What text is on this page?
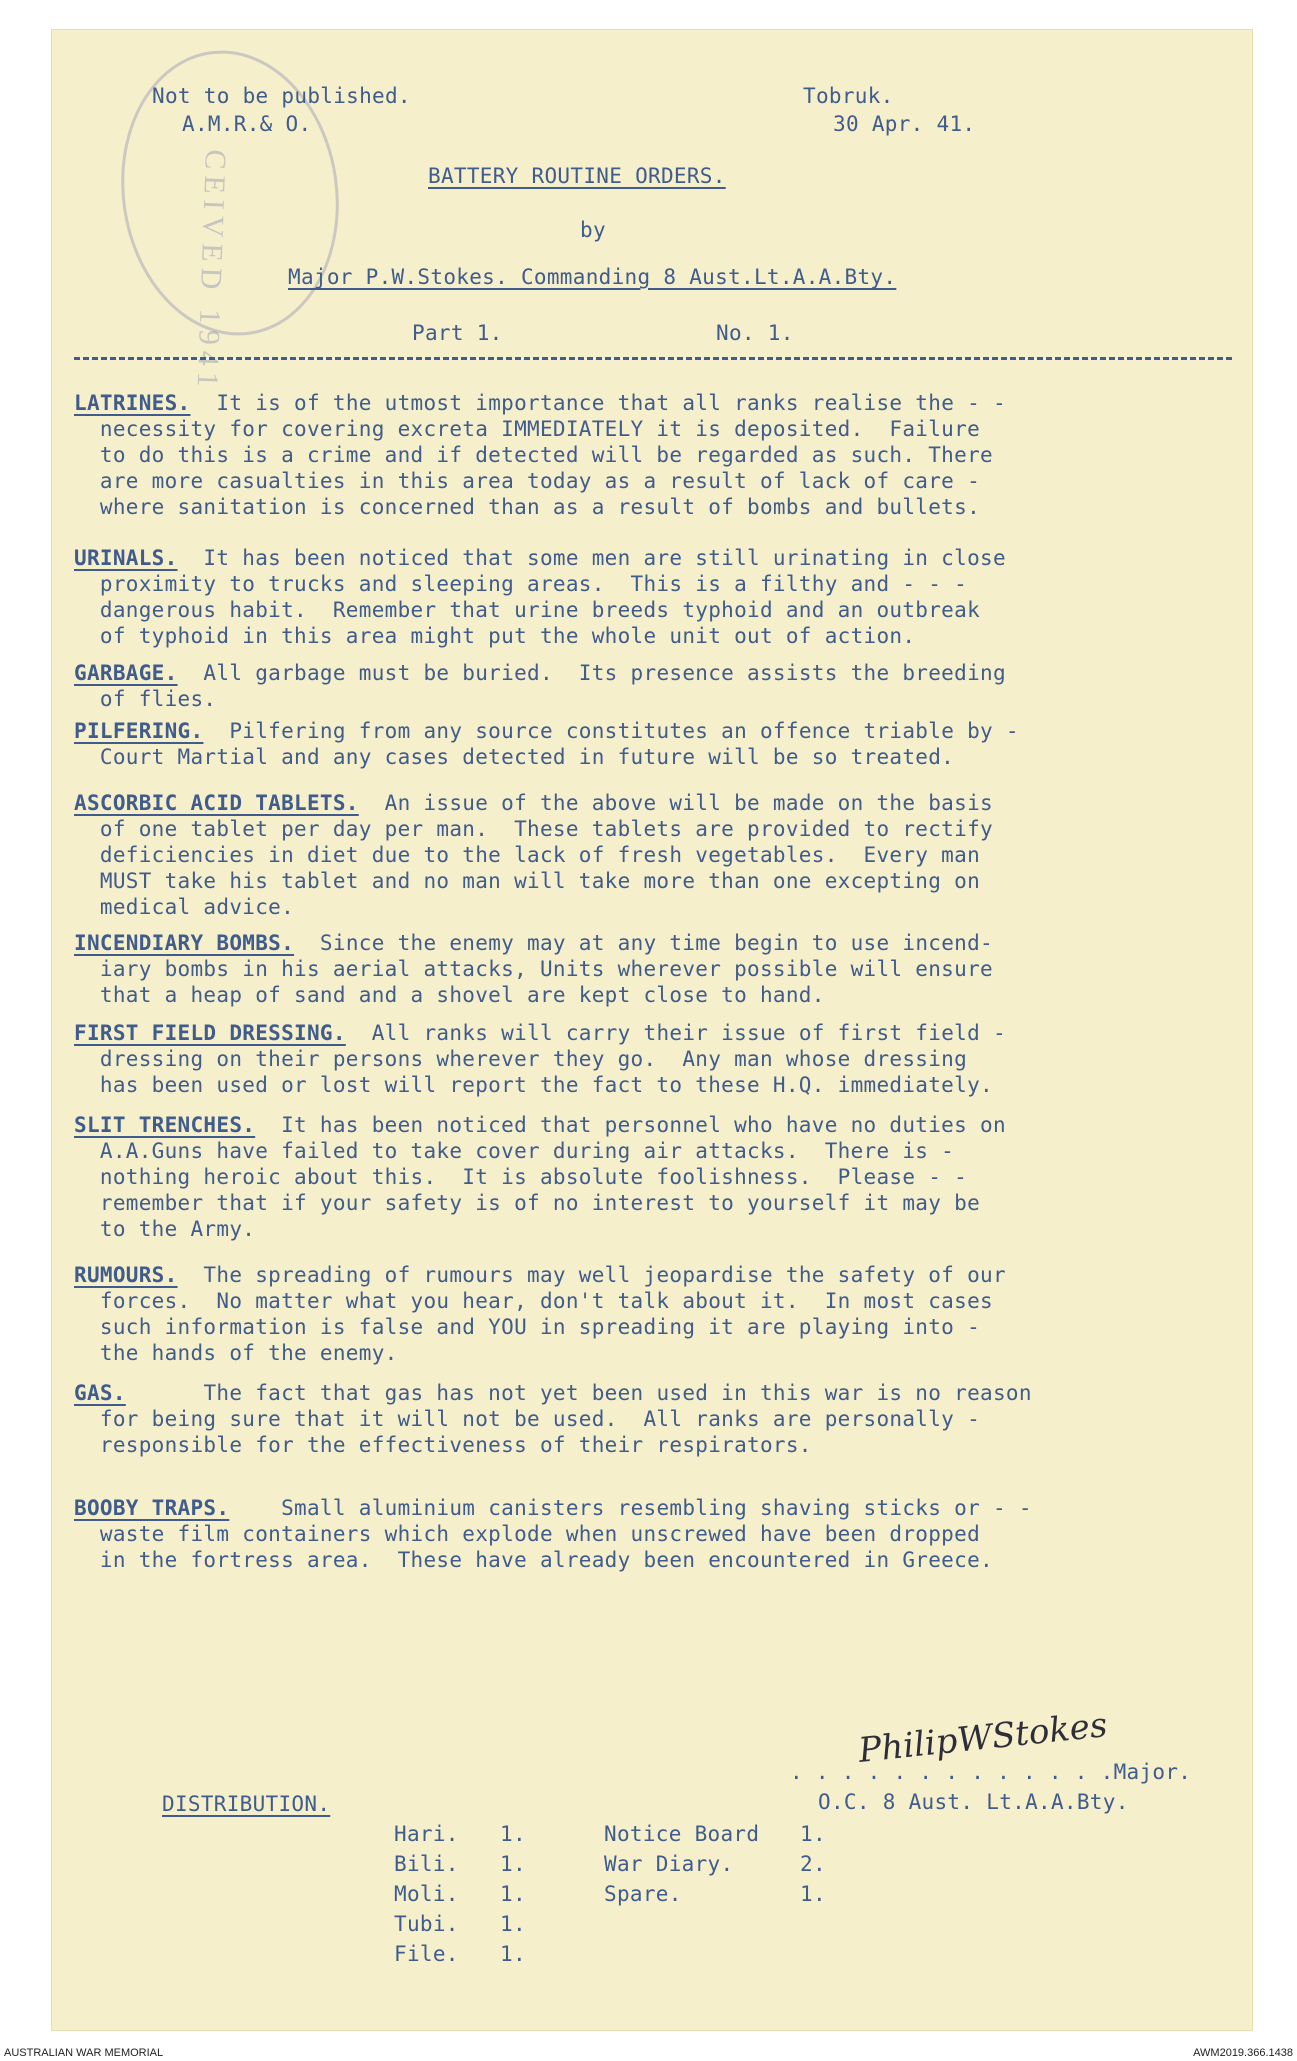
CEIVED 1941
Not to be published.
A.M.R.& O.
Tobruk.
30 Apr. 41.
BATTERY ROUTINE ORDERS.
by
Major P.W.Stokes. Commanding 8 Aust.Lt.A.A.Bty.
Part 1.	No. 1.
LATRINES.  It is of the utmost importance that all ranks realise the - -
necessity for covering excreta IMMEDIATELY it is deposited.  Failure
to do this is a crime and if detected will be regarded as such. There
are more casualties in this area today as a result of lack of care -
where sanitation is concerned than as a result of bombs and bullets.
URINALS.  It has been noticed that some men are still urinating in close
proximity to trucks and sleeping areas.  This is a filthy and - - -
dangerous habit.  Remember that urine breeds typhoid and an outbreak
of typhoid in this area might put the whole unit out of action.
GARBAGE.  All garbage must be buried.  Its presence assists the breeding
of flies.
PILFERING.  Pilfering from any source constitutes an offence triable by -
Court Martial and any cases detected in future will be so treated.
ASCORBIC ACID TABLETS.  An issue of the above will be made on the basis
of one tablet per day per man.  These tablets are provided to rectify
deficiencies in diet due to the lack of fresh vegetables.  Every man
MUST take his tablet and no man will take more than one excepting on
medical advice.
INCENDIARY BOMBS.  Since the enemy may at any time begin to use incend-
iary bombs in his aerial attacks, Units wherever possible will ensure
that a heap of sand and a shovel are kept close to hand.
FIRST FIELD DRESSING.  All ranks will carry their issue of first field -
dressing on their persons wherever they go.  Any man whose dressing
has been used or lost will report the fact to these H.Q. immediately.
SLIT TRENCHES.  It has been noticed that personnel who have no duties on
A.A.Guns have failed to take cover during air attacks.  There is -
nothing heroic about this.  It is absolute foolishness.  Please - -
remember that if your safety is of no interest to yourself it may be
to the Army.
RUMOURS.  The spreading of rumours may well jeopardise the safety of our
forces.  No matter what you hear, don't talk about it.  In most cases
such information is false and YOU in spreading it are playing into -
the hands of the enemy.
GAS.      The fact that gas has not yet been used in this war is no reason
for being sure that it will not be used.  All ranks are personally -
responsible for the effectiveness of their respirators.
BOOBY TRAPS.    Small aluminium canisters resembling shaving sticks or - -
waste film containers which explode when unscrewed have been dropped
in the fortress area.  These have already been encountered in Greece.
PhilipWStokes
. . . . . . . . . . . . .Major.
O.C. 8 Aust. Lt.A.A.Bty.
DISTRIBUTION.
Hari. 1.
Bili. 1.
Moli. 1.
Tubi. 1.
File. 1.
Notice Board 1.
War Diary.	2.
Spare.	1.
AUSTRALIAN WAR MEMORIAL	AWM2019.366.1438
